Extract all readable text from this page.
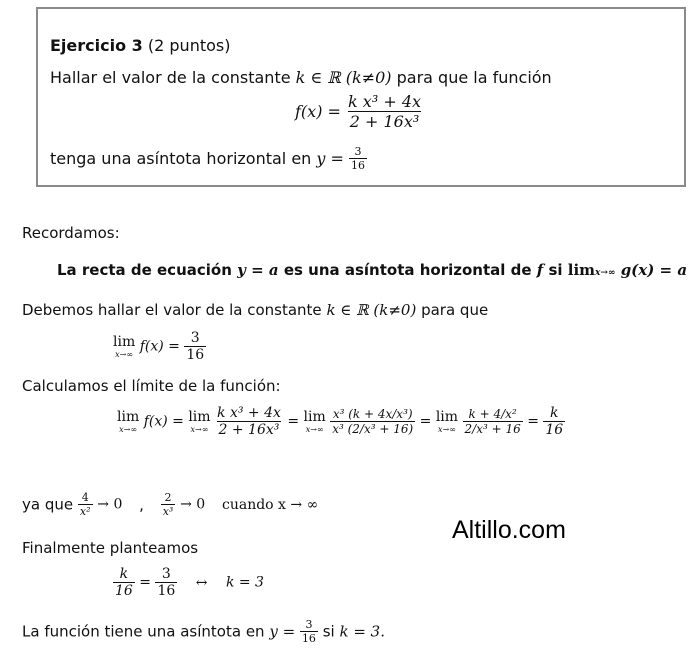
Ejercicio 3 (2 puntos)
Hallar el valor de la constante k ∈ ℝ (k≠0) para que la función
$f(x) = \frac{\text{k x³ + 4x}}{\text{2 + 16x³}}$
tenga una asíntota horizontal en $y = \frac{3}{16}$
Recordamos:
La recta de ecuación y = a es una asíntota horizontal de f si limx→∞ g(x) = a
Debemos hallar el valor de la constante k ∈ ℝ (k≠0) para que
lim
x→∞ $f(x) = \frac{3}{16}$
Calculamos el límite de la función:
lim
x→∞ f(x) = lim
x→∞
$\frac{\text{k x³ + 4x}}{\text{2 + 16x³}} = \lim$
x→∞
$\frac{\text{x³ (k + 4x/x³)}}{\text{x³ (2/x³ + 16)}} = \lim$
x→∞
$\frac{\text{k + 4/x²}}{\text{2/x³ + 16}} = \frac{k}{16}$
ya que $\frac{4}{\text{x²}} \to 0$ , $\frac{2}{\text{x³}} \to 0$ cuando x → ∞
Finalmente planteamos
$\frac{k}{16} = \frac{3}{16}$ ↔ k = 3
La función tiene una asíntota en $y = \frac{3}{16}$ si k = 3.
Altillo.com
